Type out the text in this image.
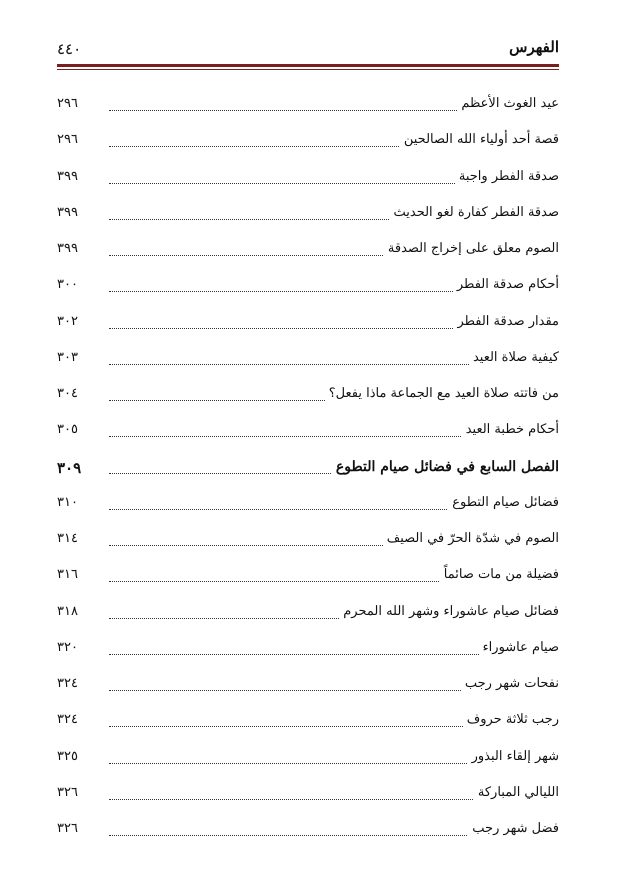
الفهرس
٤٤٠
عيد الغوث الأعظم
٢٩٦
قصة أحد أولياء الله الصالحين
٢٩٦
صدقة الفطر واجبة
٣٩٩
صدقة الفطر كفارة لغو الحديث
٣٩٩
الصوم معلق على إخراج الصدقة
٣٩٩
أحكام صدقة الفطر
٣٠٠
مقدار صدقة الفطر
٣٠٢
كيفية صلاة العيد
٣٠٣
من فاتته صلاة العيد مع الجماعة ماذا يفعل؟
٣٠٤
أحكام خطبة العيد
٣٠٥
الفصل السابع في فضائل صيام التطوع
٣٠٩
فضائل صيام التطوع
٣١٠
الصوم في شدّة الحرّ في الصيف
٣١٤
فضيلة من مات صائماً
٣١٦
فضائل صيام عاشوراء وشهر الله المحرم
٣١٨
صيام عاشوراء
٣٢٠
نفحات شهر رجب
٣٢٤
رجب ثلاثة حروف
٣٢٤
شهر إلقاء البذور
٣٢٥
الليالي المباركة
٣٢٦
فضل شهر رجب
٣٢٦
